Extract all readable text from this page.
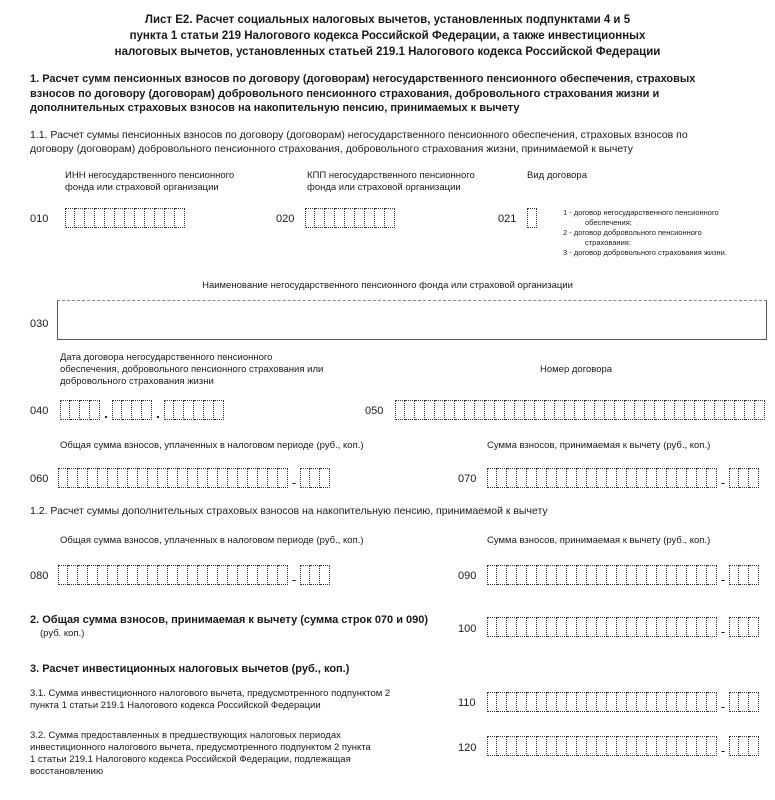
Лист Е2. Расчет социальных налоговых вычетов, установленных подпунктами 4 и 5
пункта 1 статьи 219 Налогового кодекса Российской Федерации, а также инвестиционных
налоговых вычетов, установленных статьей 219.1 Налогового кодекса Российской Федерации
1. Расчет сумм пенсионных взносов по договору (договорам) негосударственного пенсионного обеспечения, страховых
взносов по договору (договорам) добровольного пенсионного страхования, добровольного страхования жизни и
дополнительных страховых взносов на накопительную пенсию, принимаемых к вычету
1.1. Расчет суммы пенсионных взносов по договору (договорам) негосударственного пенсионного обеспечения, страховых взносов по
договору (договорам) добровольного пенсионного страхования, добровольного страхования жизни, принимаемой к вычету
ИНН негосударственного пенсионного
фонда или страховой организации
КПП негосударственного пенсионного
фонда или страховой организации
Вид договора
010	020	021
1 - договор негосударственного пенсионного
обеспечения;
2 - договор добровольного пенсионного
страхования;
3 - договор добровольного страхования жизни.
Наименование негосударственного пенсионного фонда или страховой организации
030
Дата договора негосударственного пенсионного
обеспечения, добровольного пенсионного страхования или
добровольного страхования жизни
Номер договора
040	.	.	050
Общая сумма взносов, уплаченных в налоговом периоде (руб., коп.)	Сумма взносов, принимаемая к вычету (руб., коп.)
060	-	070	-
1.2. Расчет суммы дополнительных страховых взносов на накопительную пенсию, принимаемой к вычету
Общая сумма взносов, уплаченных в налоговом периоде (руб., коп.)	Сумма взносов, принимаемая к вычету (руб., коп.)
080	-	090	-
2. Общая сумма взносов, принимаемая к вычету (сумма строк 070 и 090)
(руб. коп.)	100	-
3. Расчет инвестиционных налоговых вычетов (руб., коп.)
3.1. Сумма инвестиционного налогового вычета, предусмотренного подпунктом 2
пункта 1 статьи 219.1 Налогового кодекса Российской Федерации	110	-
3.2. Сумма предоставленных в предшествующих налоговых периодах
инвестиционного налогового вычета, предусмотренного подпунктом 2 пункта
1 статьи 219.1 Налогового кодекса Российской Федерации, подлежащая
восстановлению
120	-
